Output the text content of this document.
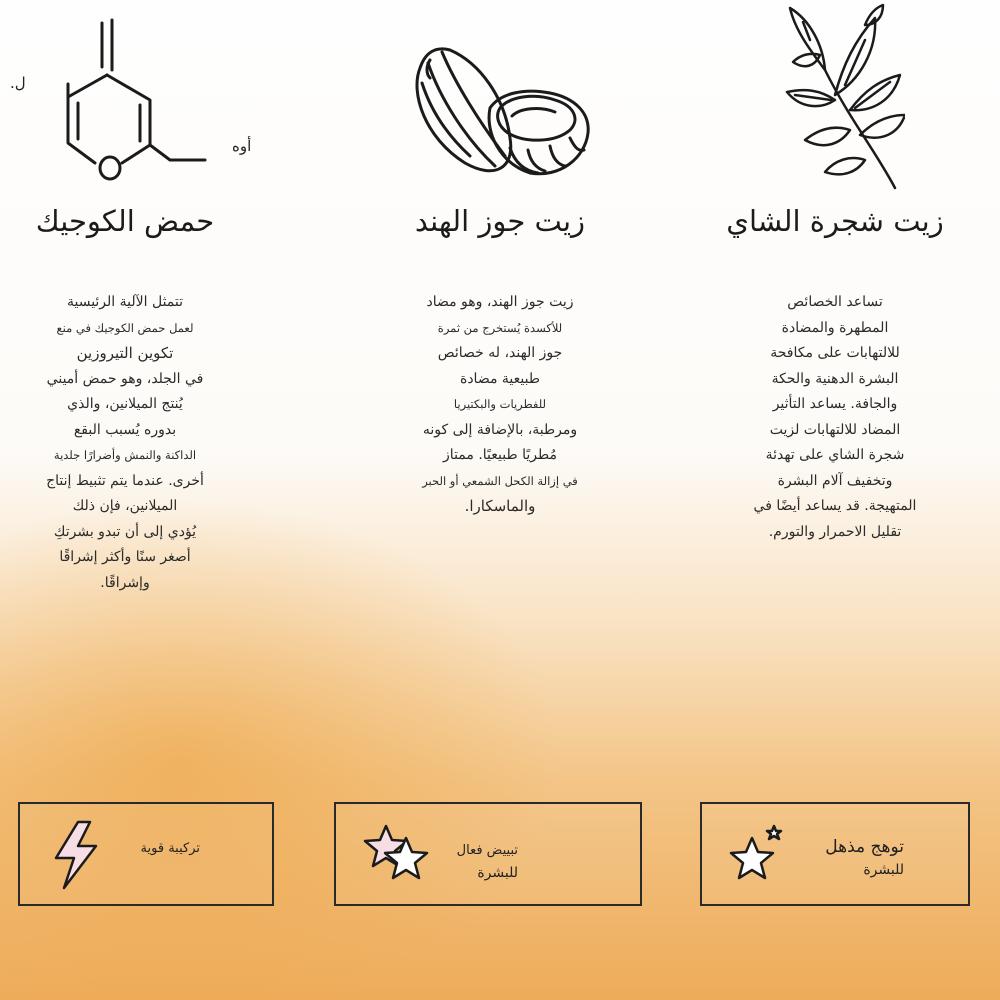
زيت شجرة الشاي
تساعد الخصائص
المطهرة والمضادة
للالتهابات على مكافحة
البشرة الدهنية والحكة
والجافة. يساعد التأثير
المضاد للالتهابات لزيت
شجرة الشاي على تهدئة
وتخفيف آلام البشرة
المتهيجة. قد يساعد أيضًا في
تقليل الاحمرار والتورم.
زيت جوز الهند
زيت جوز الهند، وهو مضاد
للأكسدة يُستخرج من ثمرة
جوز الهند، له خصائص
طبيعية مضادة
للفطريات والبكتيريا
ومرطبة، بالإضافة إلى كونه
مُطريًا طبيعيًا. ممتاز
في إزالة الكحل الشمعي أو الحبر
والماسكارا.
ل.
أوه
حمض الكوجيك
تتمثل الآلية الرئيسية
لعمل حمض الكوجيك في منع
تكوين التيروزين
في الجلد، وهو حمض أميني
يُنتج الميلانين، والذي
بدوره يُسبب البقع
الداكنة والنمش وأضرارًا جلدية
أخرى. عندما يتم تثبيط إنتاج
الميلانين، فإن ذلك
يُؤدي إلى أن تبدو بشرتكِ
أصغر سنًا وأكثر إشراقًا
وإشراقًا.
توهج مذهل
للبشرة
تبييض فعال
للبشرة
تركيبة قوية
